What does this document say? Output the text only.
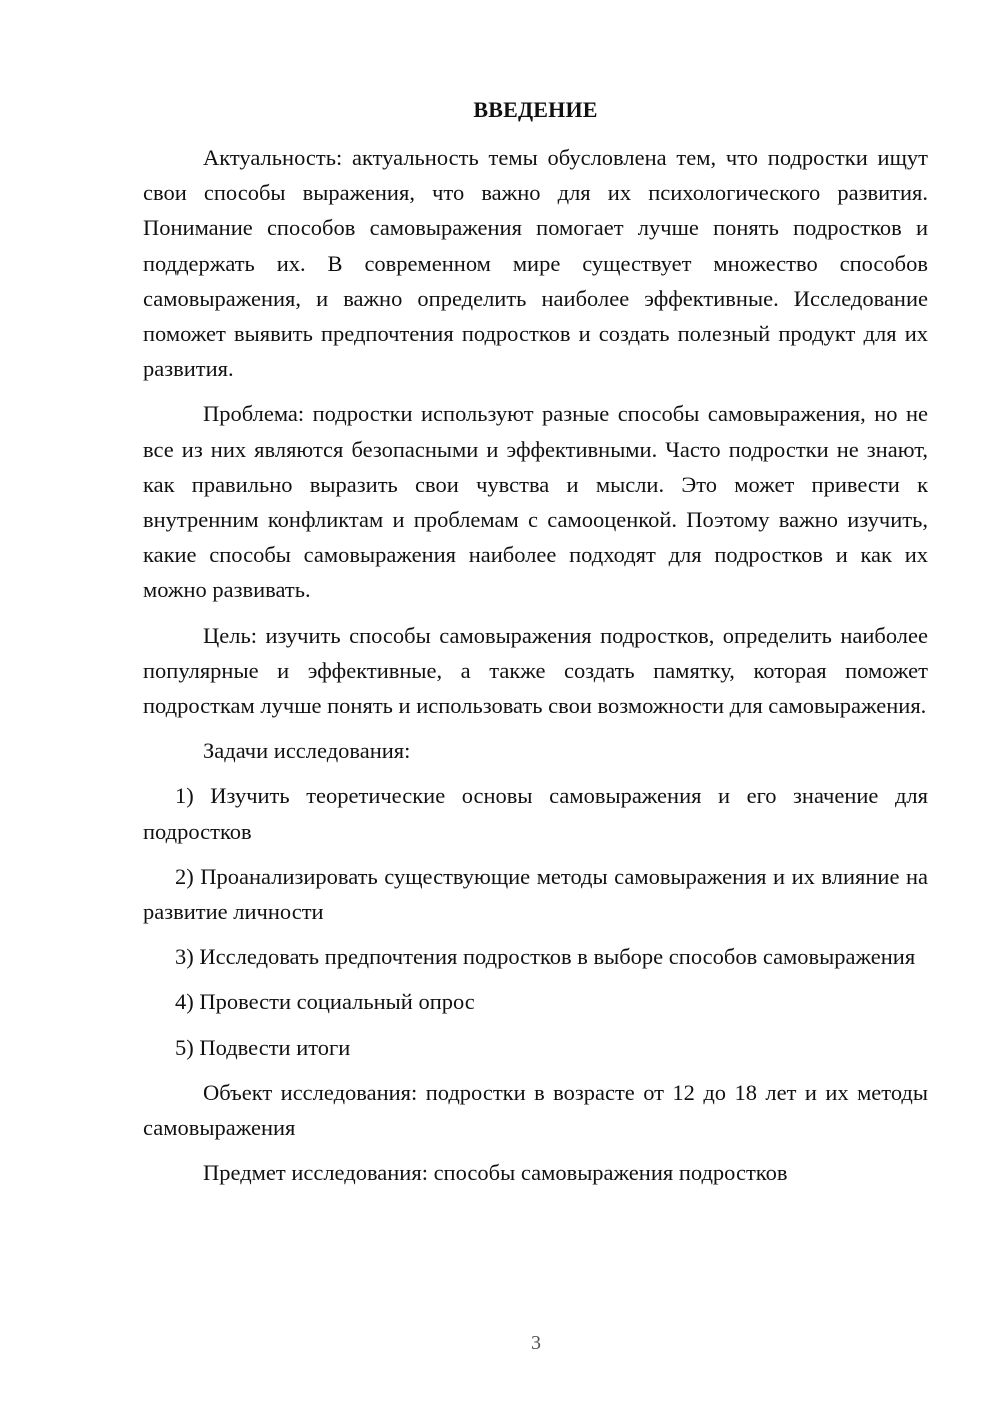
ВВЕДЕНИЕ

Актуальность: актуальность темы обусловлена тем, что подростки ищут свои способы выражения, что важно для их психологического развития. Понимание способов самовыражения помогает лучше понять подростков и поддержать их. В современном мире существует множество способов самовыражения, и важно определить наиболее эффективные. Исследование поможет выявить предпочтения подростков и создать полезный продукт для их развития.

Проблема: подростки используют разные способы самовыражения, но не все из них являются безопасными и эффективными. Часто подростки не знают, как правильно выразить свои чувства и мысли. Это может привести к внутренним конфликтам и проблемам с самооценкой. Поэтому важно изучить, какие способы самовыражения наиболее подходят для подростков и как их можно развивать.

Цель: изучить способы самовыражения подростков, определить наиболее популярные и эффективные, а также создать памятку, которая поможет подросткам лучше понять и использовать свои возможности для самовыражения.

Задачи исследования:

1) Изучить теоретические основы самовыражения и его значение для подростков

2) Проанализировать существующие методы самовыражения и их влияние на развитие личности

3) Исследовать предпочтения подростков в выборе способов самовыражения

4) Провести социальный опрос

5) Подвести итоги

Объект исследования: подростки в возрасте от 12 до 18 лет и их методы самовыражения

Предмет исследования: способы самовыражения подростков

3
